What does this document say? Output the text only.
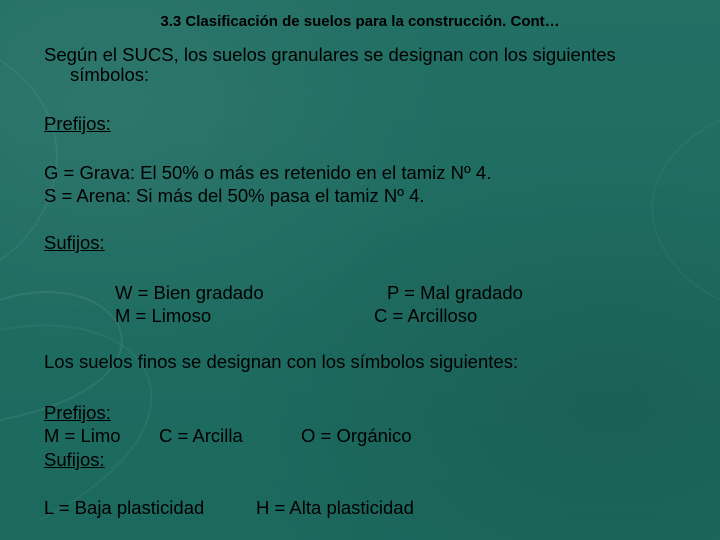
3.3 Clasificación de suelos para la construcción. Cont…
Según el SUCS, los suelos granulares se designan con los siguientes
símbolos:
Prefijos:
G = Grava: El 50% o más es retenido en el tamiz Nº 4.
S = Arena: Si más del 50% pasa el tamiz Nº 4.
Sufijos:
W = Bien gradado
M = Limoso
P = Mal gradado
C = Arcilloso
Los suelos finos se designan con los símbolos siguientes:
Prefijos:
M = Limo C = Arcilla	O = Orgánico
Sufijos:
L = Baja plasticidad	H = Alta plasticidad
